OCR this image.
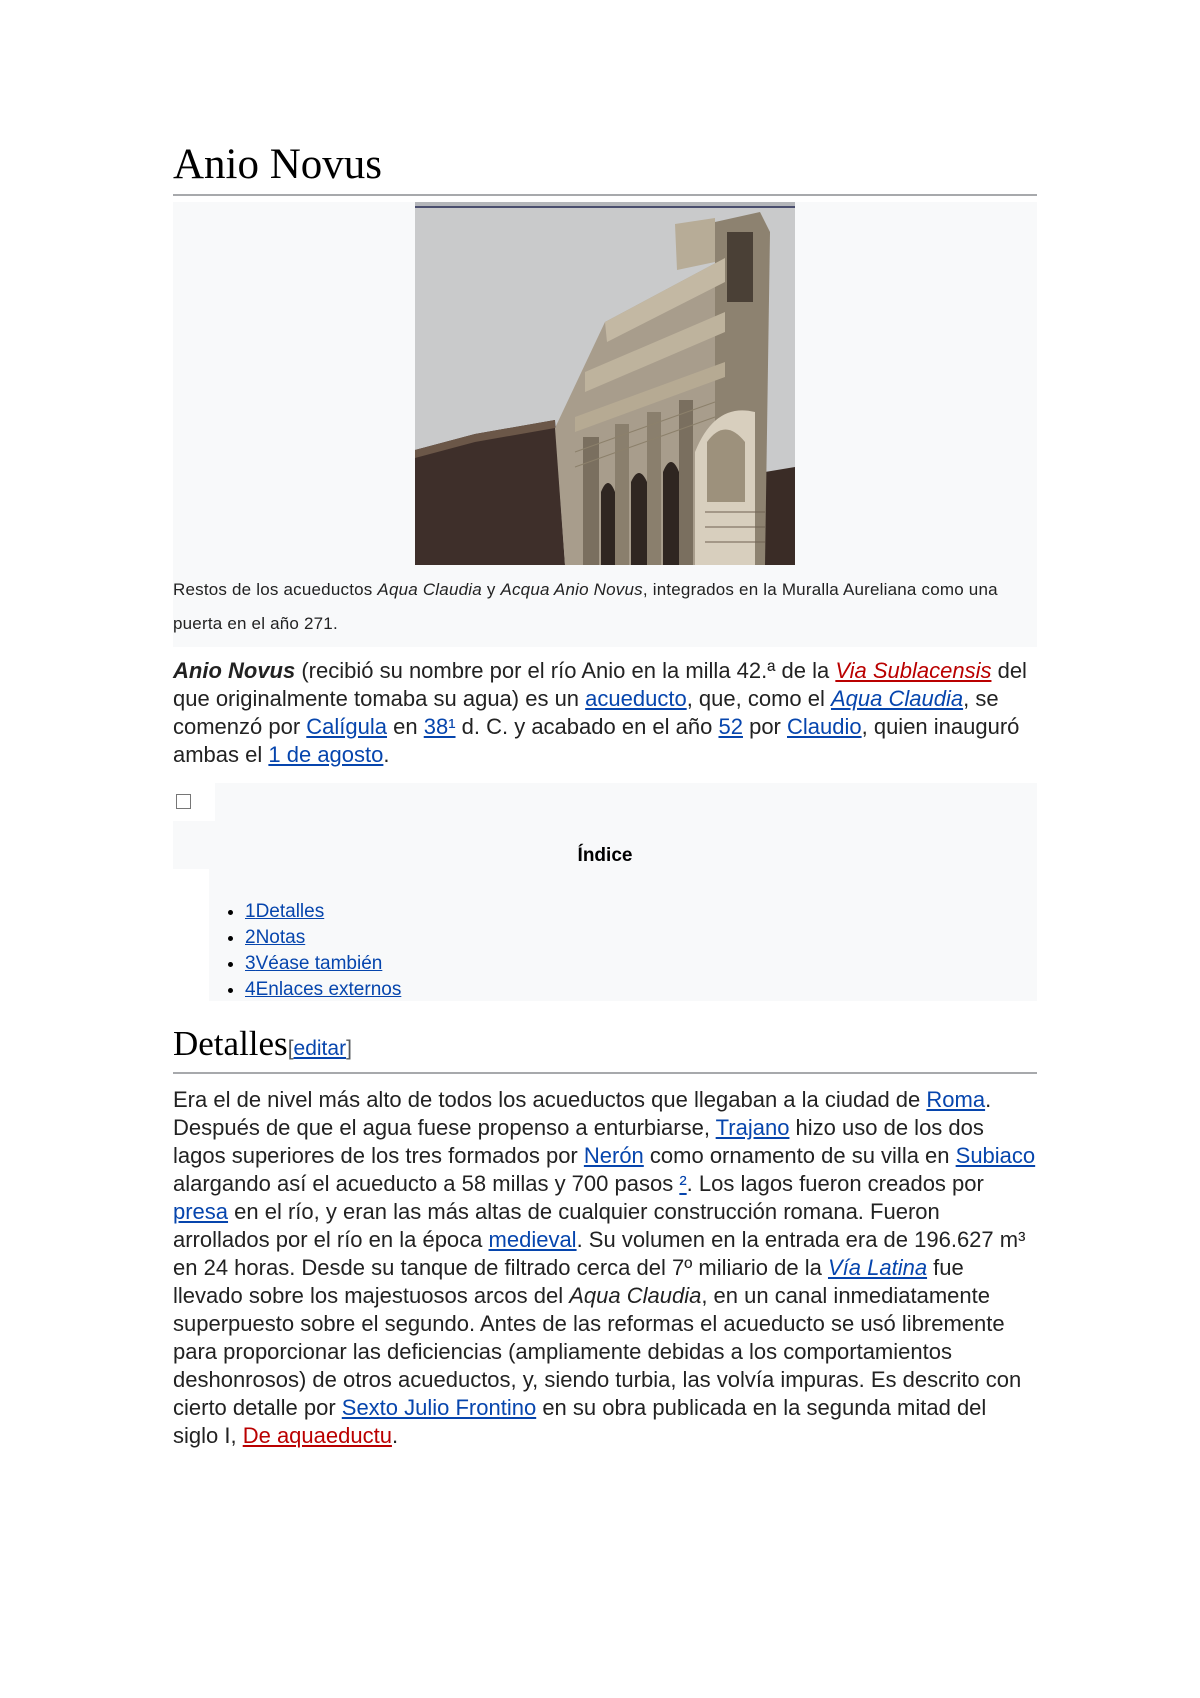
Anio Novus
Restos de los acueductos Aqua Claudia y Acqua Anio Novus, integrados en la Muralla Aureliana como una puerta en el año 271.

Anio Novus (recibió su nombre por el río Anio en la milla 42.ª de la Via Sublacensis del que originalmente tomaba su agua) es un acueducto, que, como el Aqua Claudia, se comenzó por Calígula en 38¹ d. C. y acabado en el año 52 por Claudio, quien inauguró ambas el 1 de agosto.

Índice
• 1Detalles
• 2Notas
• 3Véase también
• 4Enlaces externos
Detalles[editar]

Era el de nivel más alto de todos los acueductos que llegaban a la ciudad de Roma. Después de que el agua fuese propenso a enturbiarse, Trajano hizo uso de los dos lagos superiores de los tres formados por Nerón como ornamento de su villa en Subiaco alargando así el acueducto a 58 millas y 700 pasos ². Los lagos fueron creados por presa en el río, y eran las más altas de cualquier construcción romana. Fueron arrollados por el río en la época medieval. Su volumen en la entrada era de 196.627 m³ en 24 horas. Desde su tanque de filtrado cerca del 7º miliario de la Vía Latina fue llevado sobre los majestuosos arcos del Aqua Claudia, en un canal inmediatamente superpuesto sobre el segundo. Antes de las reformas el acueducto se usó libremente para proporcionar las deficiencias (ampliamente debidas a los comportamientos deshonrosos) de otros acueductos, y, siendo turbia, las volvía impuras. Es descrito con cierto detalle por Sexto Julio Frontino en su obra publicada en la segunda mitad del siglo I, De aquaeductu.
